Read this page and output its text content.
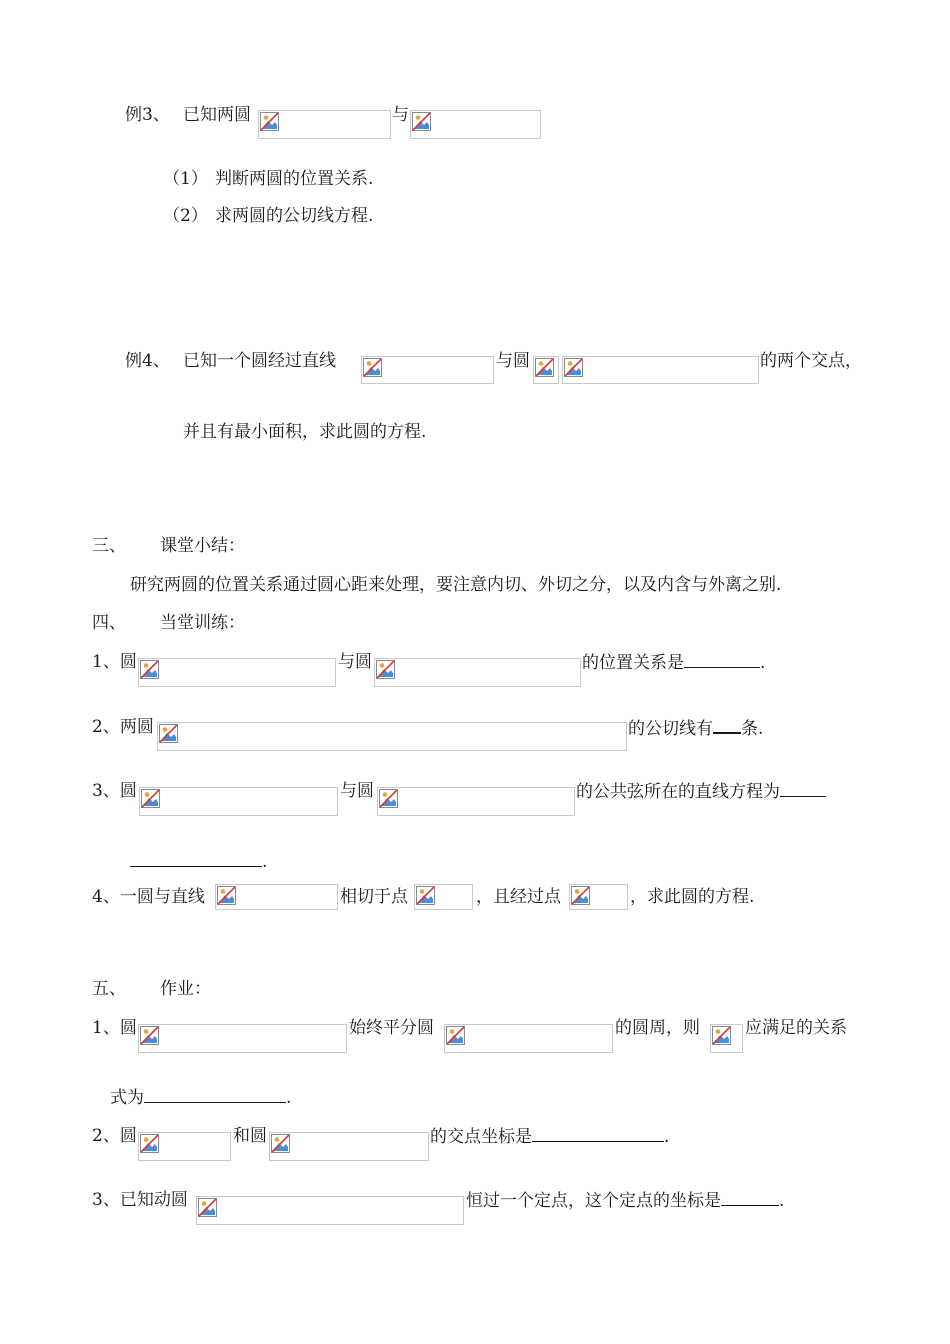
例3、 已知两圆	与
（1） 判断两圆的位置关系.
（2） 求两圆的公切线方程.
例4、 已知一个圆经过直线	与圆	的两个交点，
并且有最小面积，求此圆的方程.
三、 课堂小结：
研究两圆的位置关系通过圆心距来处理，要注意内切、外切之分，以及内含与外离之别.
四、 当堂训练：
1、圆	与圆	的位置关系是	.
2、两圆	的公切线有 条.
3、圆	与圆	的公共弦所在的直线方程为
.
4、一圆与直线	相切于点	，且经过点	，求此圆的方程.
五、 作业：
1、圆	始终平分圆	的圆周，则	应满足的关系
式为	.
2、圆	和圆	的交点坐标是	.
3、已知动圆	恒过一个定点，这个定点的坐标是	.
